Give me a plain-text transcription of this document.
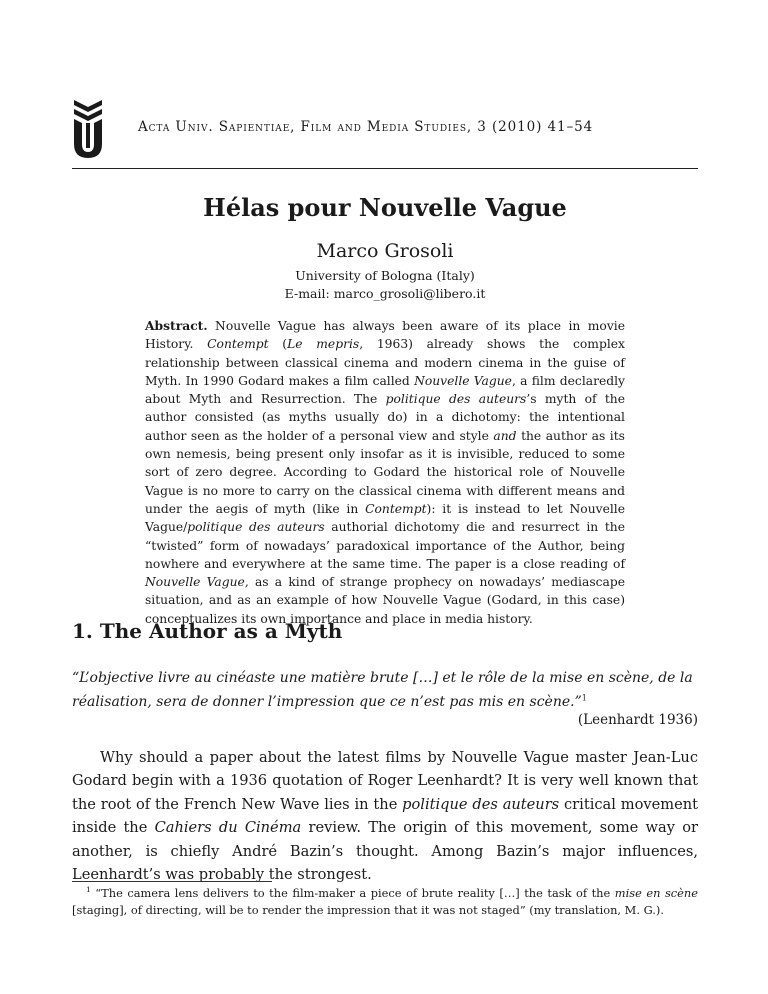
Acta Univ. Sapientiae, Film and Media Studies, 3 (2010) 41–54
Hélas pour Nouvelle Vague
Marco Grosoli
University of Bologna (Italy)
E-mail: marco_grosoli@libero.it

Abstract. Nouvelle Vague has always been aware of its place in movie History. Contempt (Le mepris, 1963) already shows the complex relationship between classical cinema and modern cinema in the guise of Myth. In 1990 Godard makes a film called Nouvelle Vague, a film declaredly about Myth and Resurrection. The politique des auteurs’s myth of the author consisted (as myths usually do) in a dichotomy: the intentional author seen as the holder of a personal view and style and the author as its own nemesis, being present only insofar as it is invisible, reduced to some sort of zero degree. According to Godard the historical role of Nouvelle Vague is no more to carry on the classical cinema with different means and under the aegis of myth (like in Contempt): it is instead to let Nouvelle Vague/politique des auteurs authorial dichotomy die and resurrect in the “twisted” form of nowadays’ paradoxical importance of the Author, being nowhere and everywhere at the same time. The paper is a close reading of Nouvelle Vague, as a kind of strange prophecy on nowadays’ mediascape situation, and as an example of how Nouvelle Vague (Godard, in this case) conceptualizes its own importance and place in media history.

1. The Author as a Myth

“L’objective livre au cinéaste une matière brute […] et le rôle de la mise en scène, de la réalisation, sera de donner l’impression que ce n’est pas mis en scène.”$^1$

(Leenhardt 1936)

Why should a paper about the latest films by Nouvelle Vague master Jean-Luc Godard begin with a 1936 quotation of Roger Leenhardt? It is very well known that the root of the French New Wave lies in the politique des auteurs critical movement inside the Cahiers du Cinéma review. The origin of this movement, some way or another, is chiefly André Bazin’s thought. Among Bazin’s major influences, Leenhardt’s was probably the strongest.

$^1$ “The camera lens delivers to the film-maker a piece of brute reality […] the task of the mise en scène [staging], of directing, will be to render the impression that it was not staged” (my translation, M. G.).
